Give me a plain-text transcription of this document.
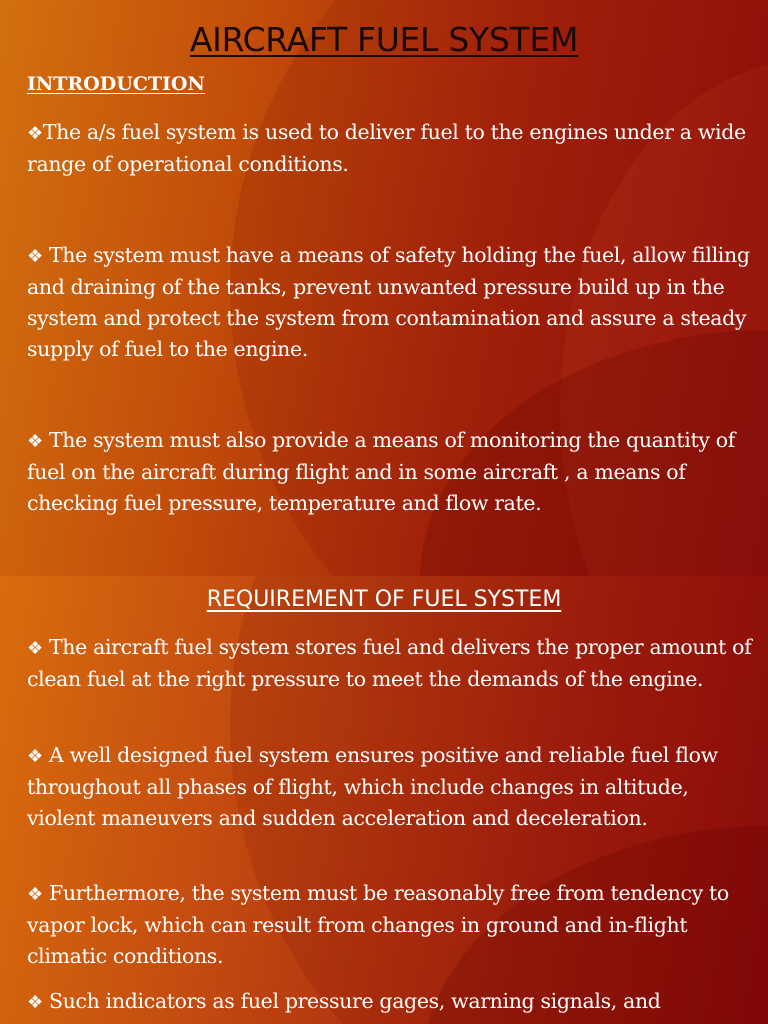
AIRCRAFT FUEL SYSTEM
INTRODUCTION

❖The a/s fuel system is used to deliver fuel to the engines under a wide range of operational conditions.

❖ The system must have a means of safety holding the fuel, allow filling and draining of the tanks, prevent unwanted pressure build up in the system and protect the system from contamination and assure a steady supply of fuel to the engine.

❖ The system must also provide a means of monitoring the quantity of fuel on the aircraft during flight and in some aircraft , a means of checking fuel pressure, temperature and flow rate.

REQUIREMENT OF FUEL SYSTEM

❖ The aircraft fuel system stores fuel and delivers the proper amount of clean fuel at the right pressure to meet the demands of the engine.

❖ A well designed fuel system ensures positive and reliable fuel flow throughout all phases of flight, which include changes in altitude, violent maneuvers and sudden acceleration and deceleration.

❖ Furthermore, the system must be reasonably free from tendency to vapor lock, which can result from changes in ground and in-flight climatic conditions.

❖ Such indicators as fuel pressure gages, warning signals, and
